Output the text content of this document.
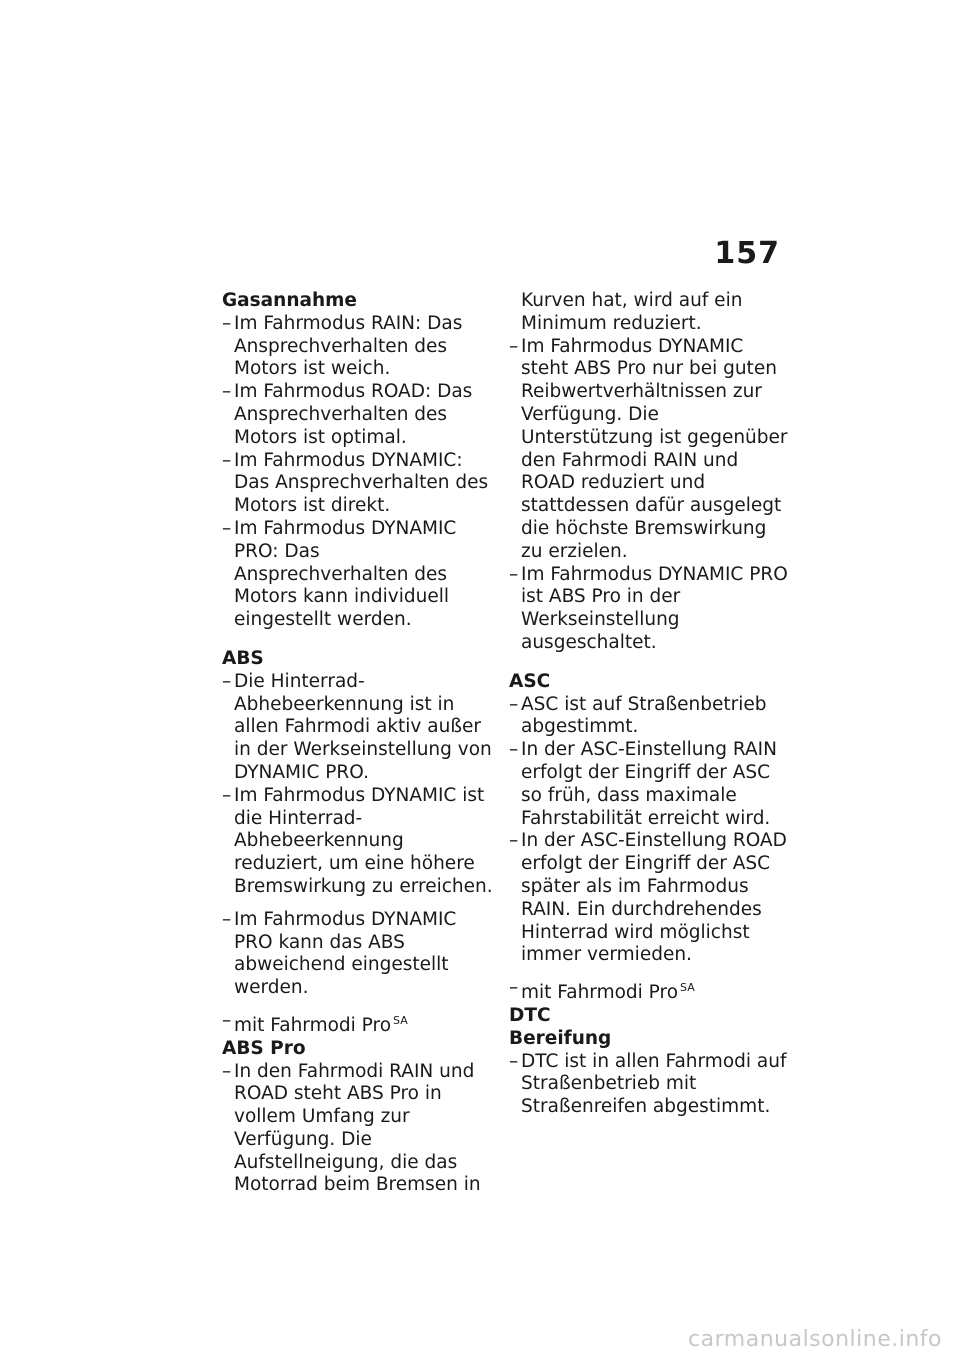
157
Gasannahme
– Im Fahrmodus RAIN: Das Ansprechverhalten des Motors ist weich.
– Im Fahrmodus ROAD: Das Ansprechverhalten des Motors ist optimal.
– Im Fahrmodus DYNAMIC: Das Ansprechverhalten des Motors ist direkt.
– Im Fahrmodus DYNAMIC PRO: Das Ansprechverhalten des Motors kann individuell eingestellt werden.
ABS
– Die Hinterrad-Abhebeerkennung ist in allen Fahrmodi aktiv außer in der Werkseinstellung von DYNAMIC PRO.
– Im Fahrmodus DYNAMIC ist die Hinterrad-Abhebeerkennung reduziert, um eine höhere Bremswirkung zu erreichen.
– Im Fahrmodus DYNAMIC PRO kann das ABS abweichend eingestellt werden.
– mit Fahrmodi Pro $^{SA}$
ABS Pro
– In den Fahrmodi RAIN und ROAD steht ABS Pro in vollem Umfang zur Verfügung. Die Aufstellneigung, die das Motorrad beim Bremsen in
Kurven hat, wird auf ein Minimum reduziert.
– Im Fahrmodus DYNAMIC steht ABS Pro nur bei guten Reibwertverhältnissen zur Verfügung. Die Unterstützung ist gegenüber den Fahrmodi RAIN und ROAD reduziert und stattdessen dafür ausgelegt die höchste Bremswirkung zu erzielen.
– Im Fahrmodus DYNAMIC PRO ist ABS Pro in der Werkseinstellung ausgeschaltet.
ASC
– ASC ist auf Straßenbetrieb abgestimmt.
– In der ASC-Einstellung RAIN erfolgt der Eingriff der ASC so früh, dass maximale Fahrstabilität erreicht wird.
– In der ASC-Einstellung ROAD erfolgt der Eingriff der ASC später als im Fahrmodus RAIN. Ein durchdrehendes Hinterrad wird möglichst immer vermieden.
– mit Fahrmodi Pro $^{SA}$
DTC
Bereifung
– DTC ist in allen Fahrmodi auf Straßenbetrieb mit Straßenreifen abgestimmt.
carmanualsonline.info
